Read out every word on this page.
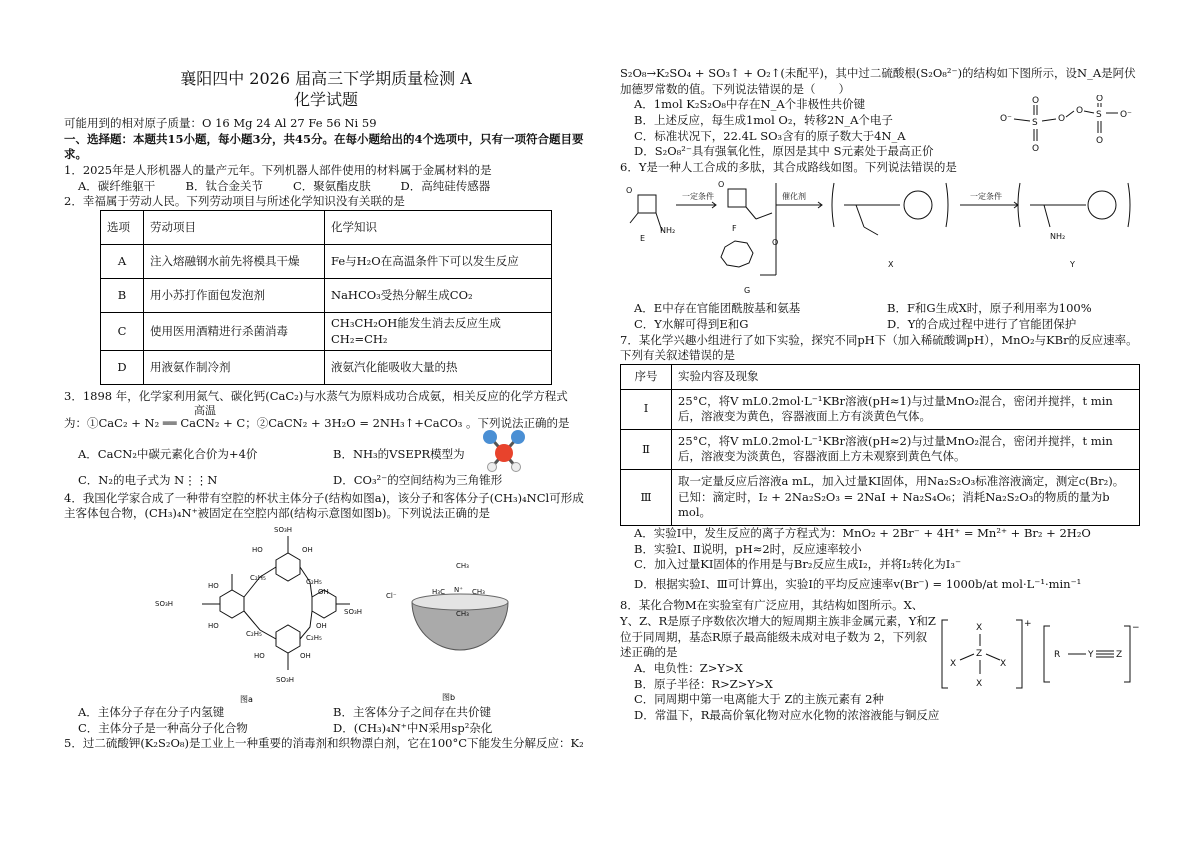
襄阳四中 2026 届高三下学期质量检测 A
化学试题

可能用到的相对原子质量：O 16 Mg 24 Al 27 Fe 56 Ni 59

一、选择题：本题共15小题，每小题3分，共45分。在每小题给出的4个选项中，只有一项符合题目要求。

1．2025年是人形机器人的量产元年。下列机器人部件使用的材料属于金属材料的是

A．碳纤维躯干	B．钛合金关节	C．聚氨酯皮肤	D．高纯硅传感器

2．幸福属于劳动人民。下列劳动项目与所述化学知识没有关联的是

选项	劳动项目	化学知识
A	注入熔融钢水前先将模具干燥	Fe与H₂O在高温条件下可以发生反应
B	用小苏打作面包发泡剂	NaHCO₃受热分解生成CO₂
C	使用医用酒精进行杀菌消毒	CH₃CH₂OH能发生消去反应生成CH₂=CH₂
D	用液氨作制冷剂	液氨汽化能吸收大量的热

3．1898 年，化学家利用氮气、碳化钙(CaC₂)与水蒸气为原料成功合成氨，相关反应的化学方程式

高温

为：①CaC₂ + N₂ ══ CaCN₂ + C；②CaCN₂ + 3H₂O = 2NH₃↑+CaCO₃ 。下列说法正确的是

A．CaCN₂中碳元素化合价为+4价	B．NH₃的VSEPR模型为
C．N₂的电子式为 N⋮⋮N	D．CO₃²⁻的空间结构为三角锥形

4．我国化学家合成了一种带有空腔的杯状主体分子(结构如图a)，该分子和客体分子(CH₃)₄NCl可形成主客体包合物，(CH₃)₄N⁺被固定在空腔内部(结构示意图如图b)。下列说法正确的是

SO₃H
SO₃H
SO₃H
SO₃H
HO	OH
HO
HO
OH
OH
HO	OH
C₂H₅	C₂H₅
C₂H₅	C₂H₅
图a
Cl⁻
CH₃
H₃C N⁺ CH₃
CH₃
图b
A．主体分子存在分子内氢键	B．主客体分子之间存在共价键
C．主体分子是一种高分子化合物	D．(CH₃)₄N⁺中N采用sp²杂化

5．过二硫酸钾(K₂S₂O₈)是工业上一种重要的消毒剂和织物漂白剂，它在100°C下能发生分解反应：K₂

S₂O₈→K₂SO₄ + SO₃↑ + O₂↑(未配平)，其中过二硫酸根(S₂O₈²⁻)的结构如下图所示，设N_A是阿伏加德罗常数的值。下列说法错误的是（　　）

A．1mol K₂S₂O₈中存在N_A个非极性共价键

B．上述反应，每生成1mol O₂，转移2N_A个电子

C．标准状况下，22.4L SO₃含有的原子数大于4N_A

D．S₂O₈²⁻具有强氧化性，原因是其中 S元素处于最高正价

O⁻ S O
O S O⁻
O
O
O
O

6．Y是一种人工合成的多肽，其合成路线如图。下列说法错误的是

一定条件	催化剂	一定条件
E
F
G
X	Y
NH₂
NH₂
O
O
O
A．E中存在官能团酰胺基和氨基	B．F和G生成X时，原子利用率为100%
C．Y水解可得到E和G	D．Y的合成过程中进行了官能团保护

7．某化学兴趣小组进行了如下实验，探究不同pH下（加入稀硫酸调pH），MnO₂与KBr的反应速率。下列有关叙述错误的是

序号	实验内容及现象
Ⅰ	25°C，将V mL0.2mol·L⁻¹KBr溶液(pH≈1)与过量MnO₂混合，密闭并搅拌，t min后，溶液变为黄色，容器液面上方有淡黄色气体。
Ⅱ	25°C，将V mL0.2mol·L⁻¹KBr溶液(pH≈2)与过量MnO₂混合，密闭并搅拌，t min后，溶液变为淡黄色，容器液面上方未观察到黄色气体。
Ⅲ	取一定量反应后溶液a mL，加入过量KI固体，用Na₂S₂O₃标准溶液滴定，测定c(Br₂)。已知：滴定时，I₂ + 2Na₂S₂O₃ = 2NaI + Na₂S₄O₆；消耗Na₂S₂O₃的物质的量为b mol。

A．实验Ⅰ中，发生反应的离子方程式为：MnO₂ + 2Br⁻ + 4H⁺ = Mn²⁺ + Br₂ + 2H₂O

B．实验Ⅰ、Ⅱ说明，pH≈2时，反应速率较小

C．加入过量KI固体的作用是与Br₂反应生成I₂，并将I₂转化为I₃⁻

D．根据实验Ⅰ、Ⅲ可计算出，实验Ⅰ的平均反应速率v(Br⁻) = 1000b/at mol·L⁻¹·min⁻¹

8．某化合物M在实验室有广泛应用，其结构如图所示。X、Y、Z、R是原子序数依次增大的短周期主族非金属元素，Y和Z位于同周期，基态R原子最高能级未成对电子数为 2，下列叙述正确的是

A．电负性：Z>Y>X

B．原子半径：R>Z>Y>X

C．同周期中第一电离能大于 Z的主族元素有 2种

D．常温下，R最高价氧化物对应水化物的浓溶液能与铜反应

X
Z
X
X	X
+
R	Y	Z
−
